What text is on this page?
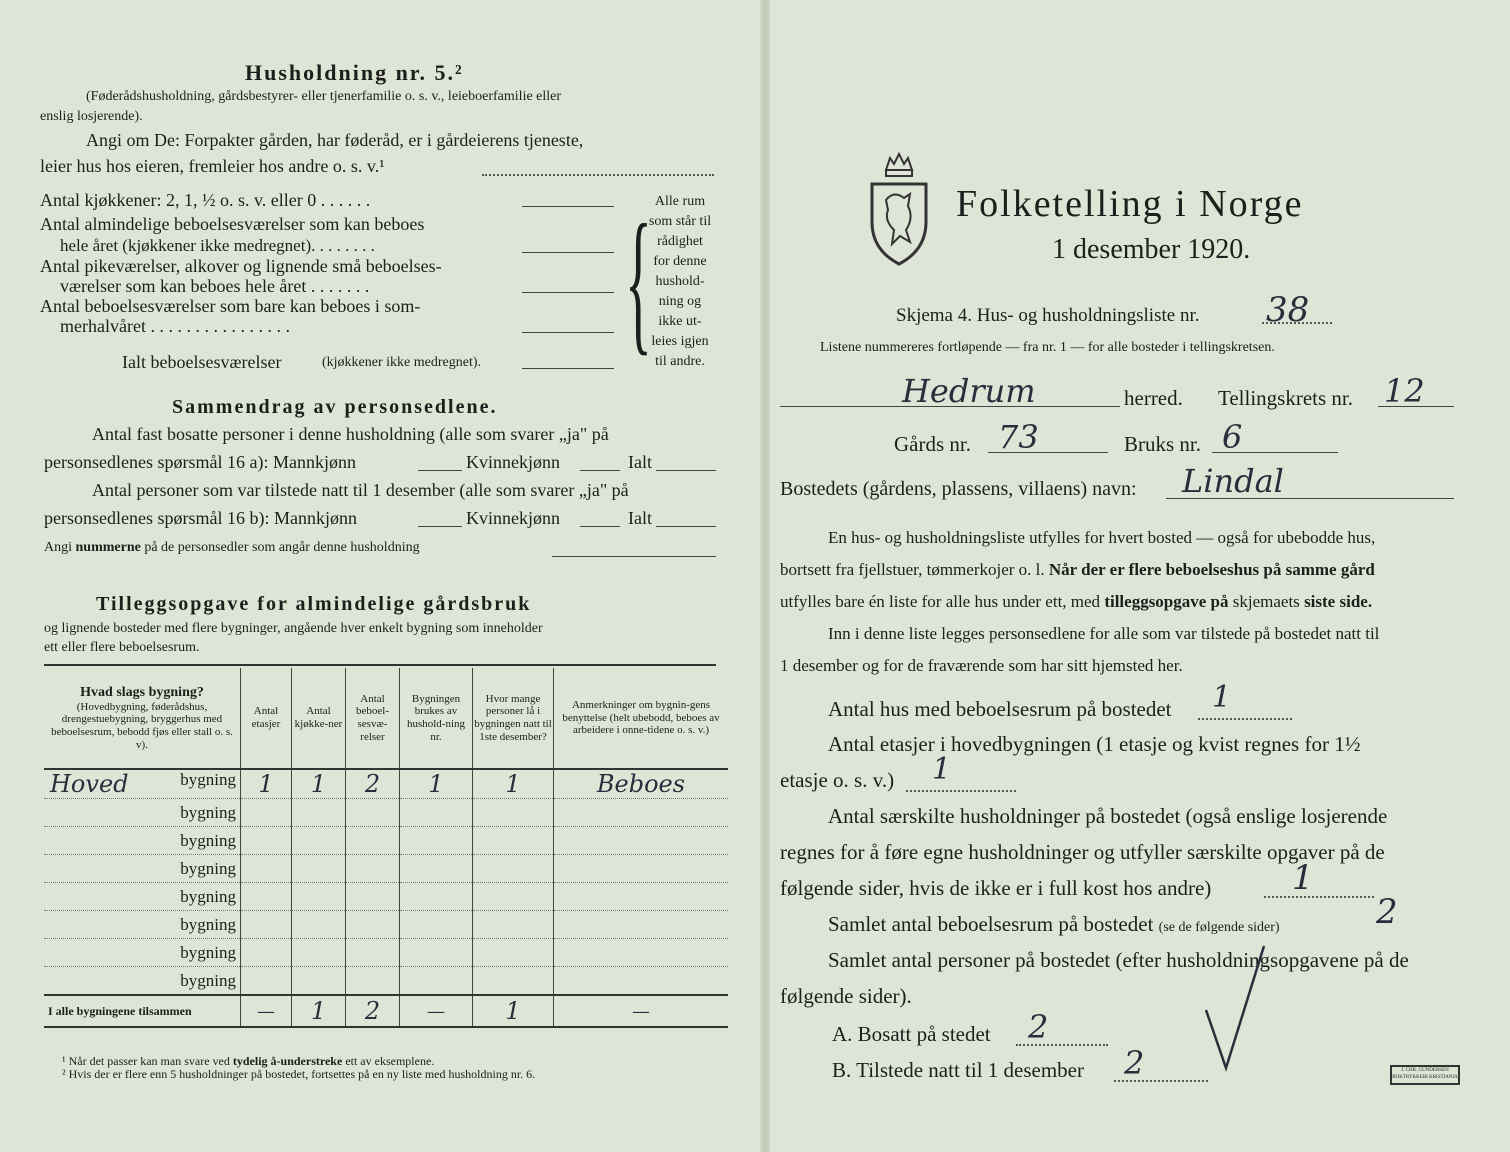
Husholdning nr. 5.²
(Føderådshusholdning, gårdsbestyrer- eller tjenerfamilie o. s. v., leieboerfamilie eller
enslig losjerende).
Angi om De: Forpakter gården, har føderåd, er i gårdeierens tjeneste,
leier hus hos eieren, fremleier hos andre o. s. v.¹
Antal kjøkkener: 2, 1, ½ o. s. v. eller 0 . . . . . .
Antal almindelige beboelsesværelser som kan beboes
hele året (kjøkkener ikke medregnet). . . . . . . .
Antal pikeværelser, alkover og lignende små beboelses-
værelser som kan beboes hele året . . . . . . .
Antal beboelsesværelser som bare kan beboes i som-
merhalvåret . . . . . . . . . . . . . . . .
Ialt beboelsesværelser	(kjøkkener ikke medregnet). { Alle rum
som står til
rådighet
for denne
hushold-
ning og
ikke ut-
leies igjen
til andre.
Sammendrag av personsedlene.
Antal fast bosatte personer i denne husholdning (alle som svarer „ja" på
personsedlenes spørsmål 16 a): Mannkjønn	Kvinnekjønn	Ialt
Antal personer som var tilstede natt til 1 desember (alle som svarer „ja" på
personsedlenes spørsmål 16 b): Mannkjønn	Kvinnekjønn	Ialt
Angi nummerne på de personsedler som angår denne husholdning
Tilleggsopgave for almindelige gårdsbruk
og lignende bosteder med flere bygninger, angående hver enkelt bygning som inneholder
ett eller flere beboelsesrum.
Hvad slags bygning?
(Hovedbygning, føderådshus, drengestuebygning, bryggerhus med beboelsesrum, bebodd fjøs eller stall o. s. v).	Antal etasjer	Antal kjøkke-ner	Antal beboel-sesvæ-relser	Bygningen brukes av hushold-ning nr.	Hvor mange personer lå i bygningen natt til 1ste desember?	Anmerkninger om bygnin-gens benyttelse (helt ubebodd, beboes av arbeidere i onne-tidene o. s. v.)

Hoved bygning	1	1	2	1	1	Beboes
bygning						
bygning						
bygning						
bygning						
bygning						
bygning						
bygning						
I alle bygningene tilsammen	—	1	2	—	1	—
¹ Når det passer kan man svare ved tydelig å-understreke ett av eksemplene.
² Hvis der er flere enn 5 husholdninger på bostedet, fortsettes på en ny liste med husholdning nr. 6.
Folketelling i Norge
1 desember 1920.
Skjema 4. Hus- og husholdningsliste nr. 38
Listene nummereres fortløpende — fra nr. 1 — for alle bosteder i tellingskretsen.
Hedrum	herred. Tellingskrets nr. 12
Gårds nr. 73	Bruks nr. 6
Bostedets (gårdens, plassens, villaens) navn: Lindal
En hus- og husholdningsliste utfylles for hvert bosted — også for ubebodde hus,
bortsett fra fjellstuer, tømmerkojer o. l. Når der er flere beboelseshus på samme gård
utfylles bare én liste for alle hus under ett, med tilleggsopgave på skjemaets siste side.
Inn i denne liste legges personsedlene for alle som var tilstede på bostedet natt til
1 desember og for de fraværende som har sitt hjemsted her.
Antal hus med beboelsesrum på bostedet 1
Antal etasjer i hovedbygningen (1 etasje og kvist regnes for 1½
etasje o. s. v.) 1
Antal særskilte husholdninger på bostedet (også enslige losjerende
regnes for å føre egne husholdninger og utfyller særskilte opgaver på de
følgende sider, hvis de ikke er i full kost hos andre) 1
Samlet antal beboelsesrum på bostedet (se de følgende sider)	2
Samlet antal personer på bostedet (efter husholdningsopgavene på de
følgende sider).
A. Bosatt på stedet 2
B. Tilstede natt til 1 desember 2	J. CHR. GUNDERSEN BOKTRYKKERI KRISTIANIA
